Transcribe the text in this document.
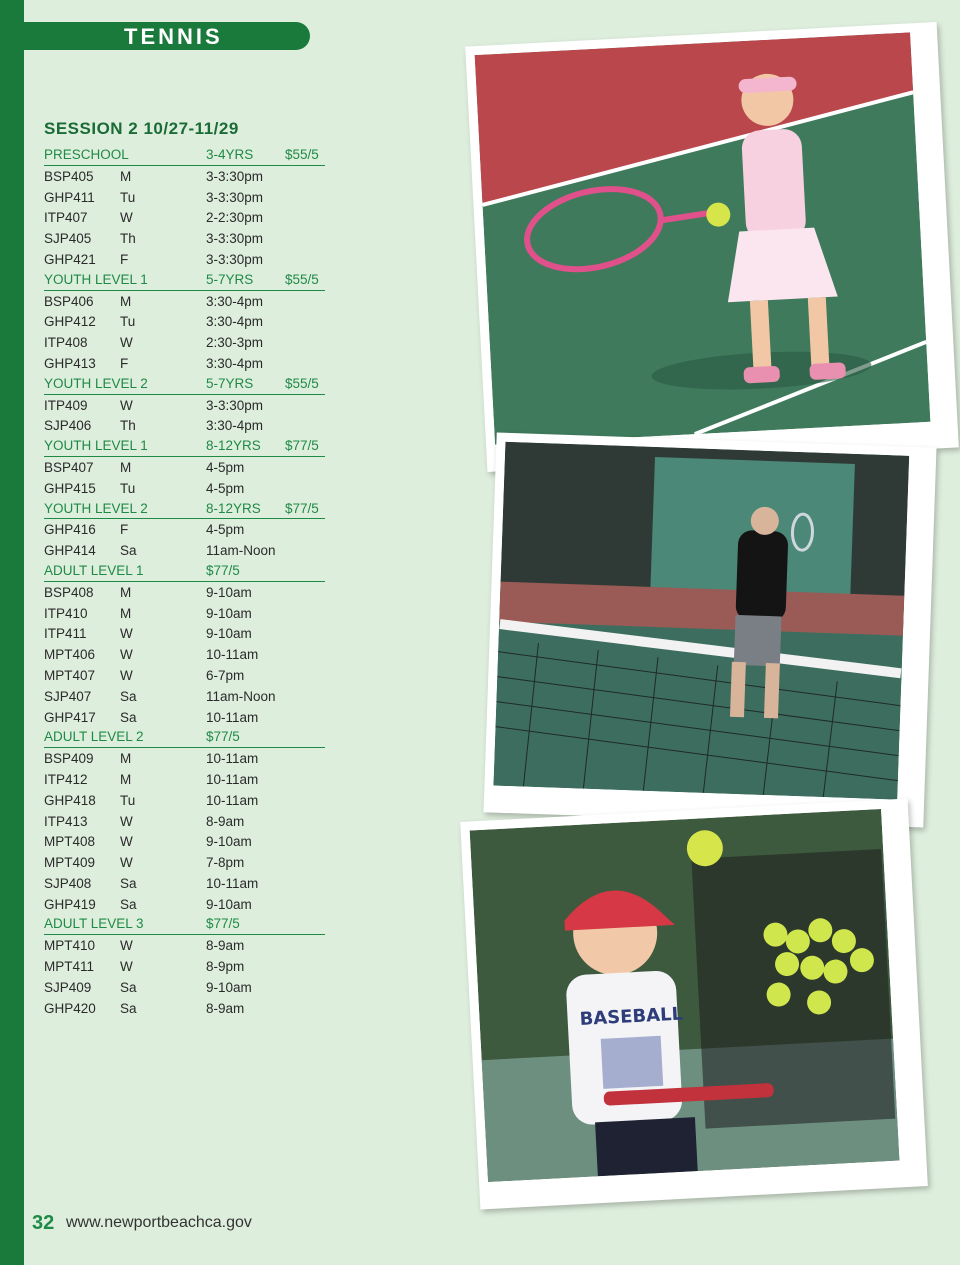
TENNIS
SESSION 2 10/27-11/29
PRESCHOOL	3-4YRS $55/5
BSP405 M	3-3:30pm
GHP411 Tu	3-3:30pm
ITP407 W	2-2:30pm
SJP405 Th	3-3:30pm
GHP421 F	3-3:30pm
YOUTH LEVEL 1	5-7YRS $55/5
BSP406 M	3:30-4pm
GHP412 Tu	3:30-4pm
ITP408 W	2:30-3pm
GHP413 F	3:30-4pm
YOUTH LEVEL 2	5-7YRS $55/5
ITP409 W	3-3:30pm
SJP406 Th	3:30-4pm
YOUTH LEVEL 1	8-12YRS $77/5
BSP407 M	4-5pm
GHP415 Tu	4-5pm
YOUTH LEVEL 2	8-12YRS $77/5
GHP416 F	4-5pm
GHP414 Sa	11am-Noon
ADULT LEVEL 1	$77/5
BSP408 M	9-10am
ITP410 M	9-10am
ITP411 W	9-10am
MPT406 W	10-11am
MPT407 W	6-7pm
SJP407 Sa	11am-Noon
GHP417 Sa	10-11am
ADULT LEVEL 2	$77/5
BSP409 M	10-11am
ITP412 M	10-11am
GHP418 Tu	10-11am
ITP413 W	8-9am
MPT408 W	9-10am
MPT409 W	7-8pm
SJP408 Sa	10-11am
GHP419 Sa	9-10am
ADULT LEVEL 3	$77/5
MPT410 W	8-9am
MPT411 W	8-9pm
SJP409 Sa	9-10am
GHP420 Sa	8-9am	BASEBALL
32 www.newportbeachca.gov
